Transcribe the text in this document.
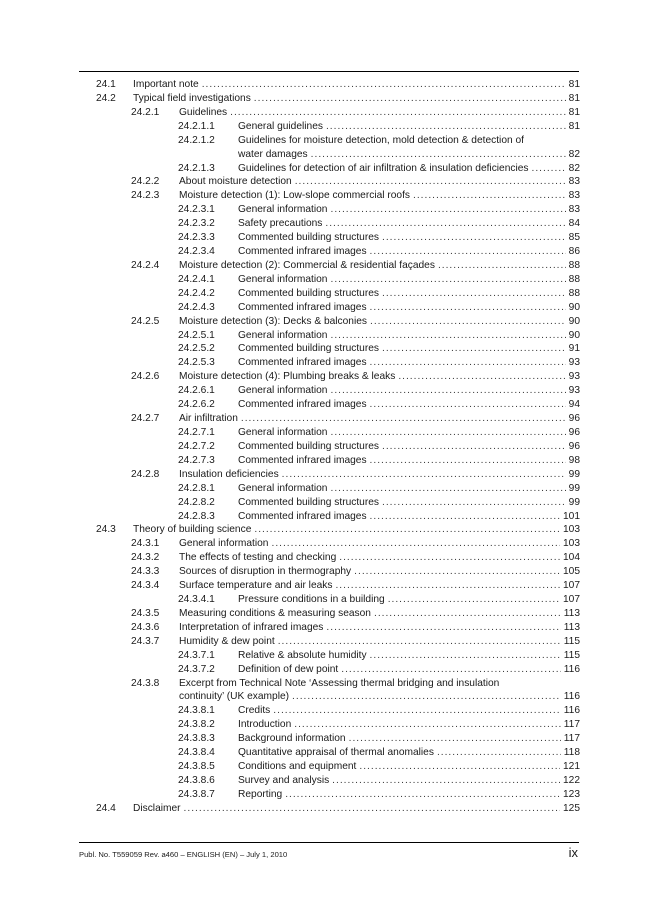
24.1 Important note .....	81
24.2 Typical field investigations .....	81
24.2.1 Guidelines .....	81
24.2.1.1 General guidelines .....	81
24.2.1.2 Guidelines for moisture detection, mold detection & detection of
water damages .....	82
24.2.1.3 Guidelines for detection of air infiltration & insulation deficiencies .....	82
24.2.2 About moisture detection .....	83
24.2.3 Moisture detection (1): Low-slope commercial roofs .....	83
24.2.3.1 General information .....	83
24.2.3.2 Safety precautions .....	84
24.2.3.3 Commented building structures .....	85
24.2.3.4 Commented infrared images .....	86
24.2.4 Moisture detection (2): Commercial & residential façades .....	88
24.2.4.1 General information .....	88
24.2.4.2 Commented building structures .....	88
24.2.4.3 Commented infrared images .....	90
24.2.5 Moisture detection (3): Decks & balconies .....	90
24.2.5.1 General information .....	90
24.2.5.2 Commented building structures .....	91
24.2.5.3 Commented infrared images .....	93
24.2.6 Moisture detection (4): Plumbing breaks & leaks .....	93
24.2.6.1 General information .....	93
24.2.6.2 Commented infrared images .....	94
24.2.7 Air infiltration .....	96
24.2.7.1 General information .....	96
24.2.7.2 Commented building structures .....	96
24.2.7.3 Commented infrared images .....	98
24.2.8 Insulation deficiencies .....	99
24.2.8.1 General information .....	99
24.2.8.2 Commented building structures .....	99
24.2.8.3 Commented infrared images .....	101
24.3 Theory of building science .....	103
24.3.1 General information .....	103
24.3.2 The effects of testing and checking .....	104
24.3.3 Sources of disruption in thermography .....	105
24.3.4 Surface temperature and air leaks .....	107
24.3.4.1 Pressure conditions in a building .....	107
24.3.5 Measuring conditions & measuring season .....	113
24.3.6 Interpretation of infrared images .....	113
24.3.7 Humidity & dew point .....	115
24.3.7.1 Relative & absolute humidity .....	115
24.3.7.2 Definition of dew point .....	116
24.3.8 Excerpt from Technical Note ‘Assessing thermal bridging and insulation
continuity’ (UK example) .....	116
24.3.8.1 Credits .....	116
24.3.8.2 Introduction .....	117
24.3.8.3 Background information .....	117
24.3.8.4 Quantitative appraisal of thermal anomalies .....	118
24.3.8.5 Conditions and equipment .....	121
24.3.8.6 Survey and analysis .....	122
24.3.8.7 Reporting .....	123
24.4 Disclaimer .....	125
Publ. No. T559059 Rev. a460 – ENGLISH (EN) – July 1, 2010	ix
